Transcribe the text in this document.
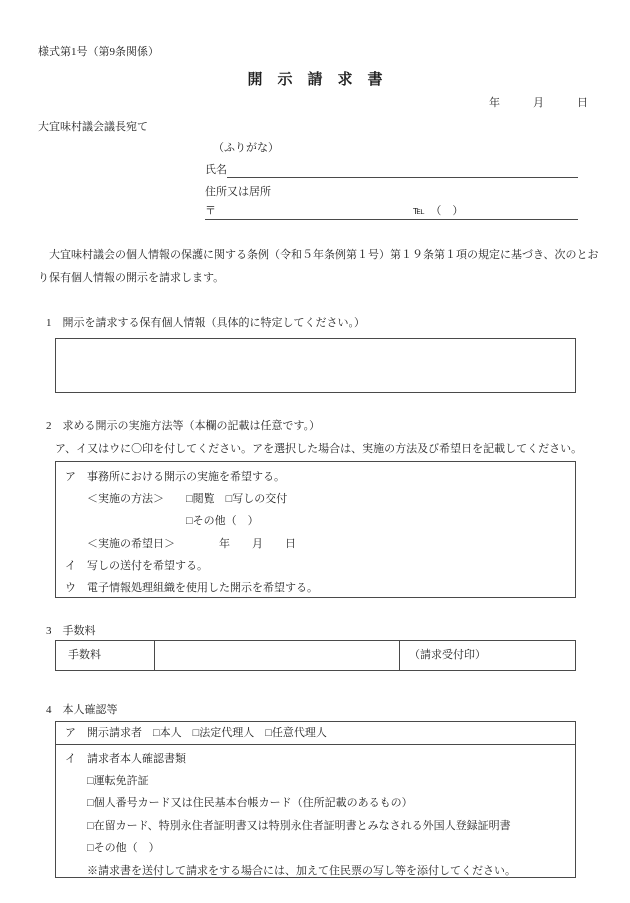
様式第1号（第9条関係）
開　示　請　求　書
年　　　月　　　日
大宜味村議会議長宛て
（ふりがな）
氏名
住所又は居所
〒	℡　（　）
　大宜味村議会の個人情報の保護に関する条例（令和５年条例第１号）第１９条第１項の規定に基づき、次のとお
り保有個人情報の開示を請求します。
1　開示を請求する保有個人情報（具体的に特定してください。）
2　求める開示の実施方法等（本欄の記載は任意です。）
ア、イ又はウに〇印を付してください。アを選択した場合は、実施の方法及び希望日を記載してください。
ア　事務所における開示の実施を希望する。
　　＜実施の方法＞　　□閲覧　□写しの交付
　　　　　　　　　　　□その他（　）
　　＜実施の希望日＞　　　　年　　月　　日
イ　写しの送付を希望する。
ウ　電子情報処理組織を使用した開示を希望する。
3　手数料
手数料	（請求受付印）
4　本人確認等
ア　開示請求者　□本人　□法定代理人　□任意代理人
イ　請求者本人確認書類
　　□運転免許証
　　□個人番号カード又は住民基本台帳カード（住所記載のあるもの）
　　□在留カード、特別永住者証明書又は特別永住者証明書とみなされる外国人登録証明書
　　□その他（　）
　　※請求書を送付して請求をする場合には、加えて住民票の写し等を添付してください。
